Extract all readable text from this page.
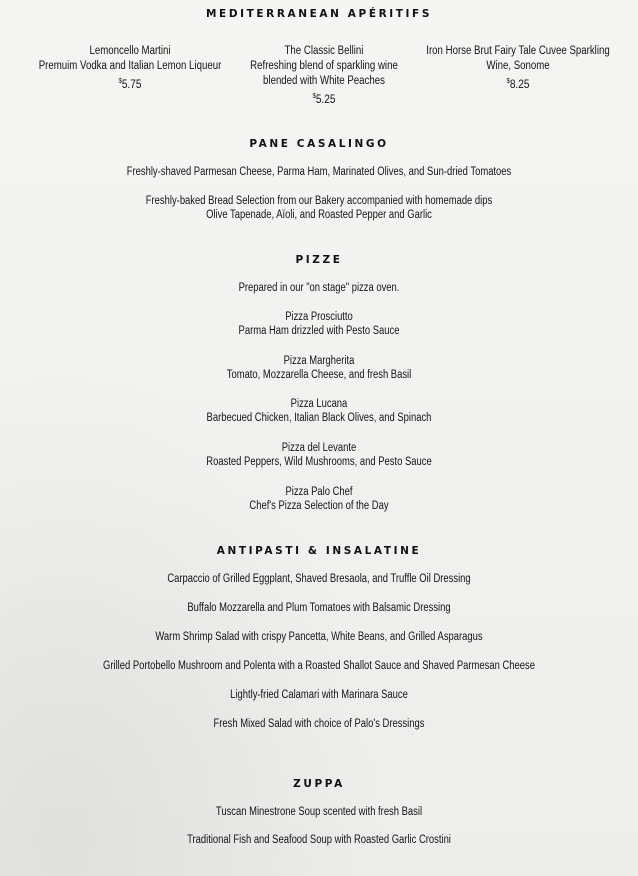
MEDITERRANEAN APÉRITIFS
Lemoncello Martini
Premuim Vodka and Italian Lemon Liqueur
$5.75
The Classic Bellini
Refreshing blend of sparkling wine
blended with White Peaches
$5.25
Iron Horse Brut Fairy Tale Cuvee Sparkling
Wine, Sonome
$8.25
PANE CASALINGO
Freshly-shaved Parmesan Cheese, Parma Ham, Marinated Olives, and Sun-dried Tomatoes
Freshly-baked Bread Selection from our Bakery accompanied with homemade dips
Olive Tapenade, Aïoli, and Roasted Pepper and Garlic
PIZZE
Prepared in our "on stage" pizza oven.
Pizza Prosciutto
Parma Ham drizzled with Pesto Sauce
Pizza Margherita
Tomato, Mozzarella Cheese, and fresh Basil
Pizza Lucana
Barbecued Chicken, Italian Black Olives, and Spinach
Pizza del Levante
Roasted Peppers, Wild Mushrooms, and Pesto Sauce
Pizza Palo Chef
Chef's Pizza Selection of the Day
ANTIPASTI & INSALATINE
Carpaccio of Grilled Eggplant, Shaved Bresaola, and Truffle Oil Dressing
Buffalo Mozzarella and Plum Tomatoes with Balsamic Dressing
Warm Shrimp Salad with crispy Pancetta, White Beans, and Grilled Asparagus
Grilled Portobello Mushroom and Polenta with a Roasted Shallot Sauce and Shaved Parmesan Cheese
Lightly-fried Calamari with Marinara Sauce
Fresh Mixed Salad with choice of Palo's Dressings
ZUPPA
Tuscan Minestrone Soup scented with fresh Basil
Traditional Fish and Seafood Soup with Roasted Garlic Crostini
